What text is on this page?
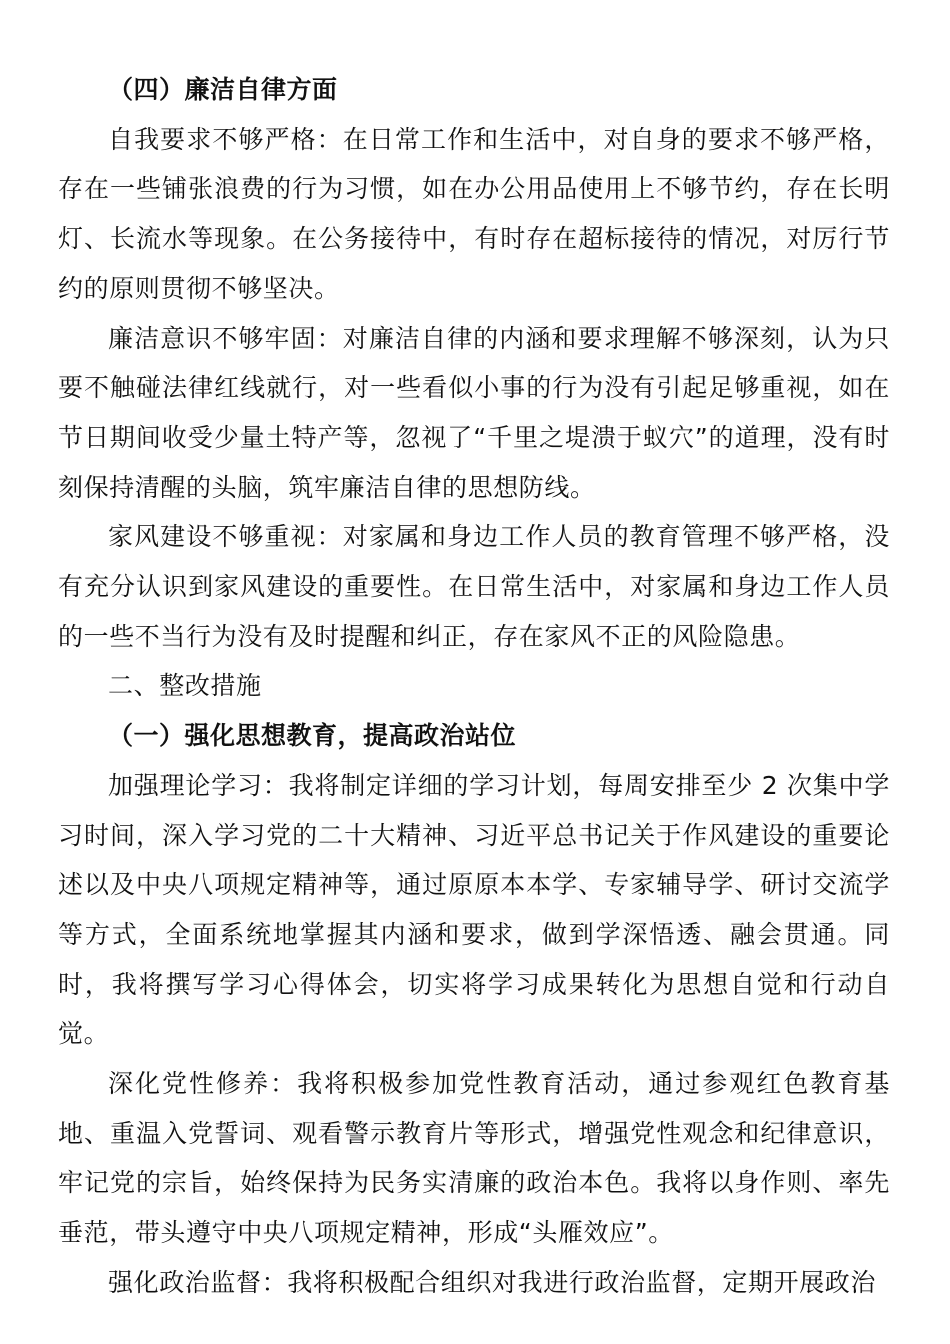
（四）廉洁自律方面

自我要求不够严格：在日常工作和生活中，对自身的要求不够严格，存在一些铺张浪费的行为习惯，如在办公用品使用上不够节约，存在长明灯、长流水等现象。在公务接待中，有时存在超标接待的情况，对厉行节约的原则贯彻不够坚决。

廉洁意识不够牢固：对廉洁自律的内涵和要求理解不够深刻，认为只要不触碰法律红线就行，对一些看似小事的行为没有引起足够重视，如在节日期间收受少量土特产等，忽视了“千里之堤溃于蚁穴”的道理，没有时刻保持清醒的头脑，筑牢廉洁自律的思想防线。

家风建设不够重视：对家属和身边工作人员的教育管理不够严格，没有充分认识到家风建设的重要性。在日常生活中，对家属和身边工作人员的一些不当行为没有及时提醒和纠正，存在家风不正的风险隐患。

二、整改措施

（一）强化思想教育，提高政治站位

加强理论学习：我将制定详细的学习计划，每周安排至少 2 次集中学习时间，深入学习党的二十大精神、习近平总书记关于作风建设的重要论述以及中央八项规定精神等，通过原原本本学、专家辅导学、研讨交流学等方式，全面系统地掌握其内涵和要求，做到学深悟透、融会贯通。同时，我将撰写学习心得体会，切实将学习成果转化为思想自觉和行动自觉。

深化党性修养：我将积极参加党性教育活动，通过参观红色教育基地、重温入党誓词、观看警示教育片等形式，增强党性观念和纪律意识，牢记党的宗旨，始终保持为民务实清廉的政治本色。我将以身作则、率先垂范，带头遵守中央八项规定精神，形成“头雁效应”。

强化政治监督：我将积极配合组织对我进行政治监督，定期开展政治
